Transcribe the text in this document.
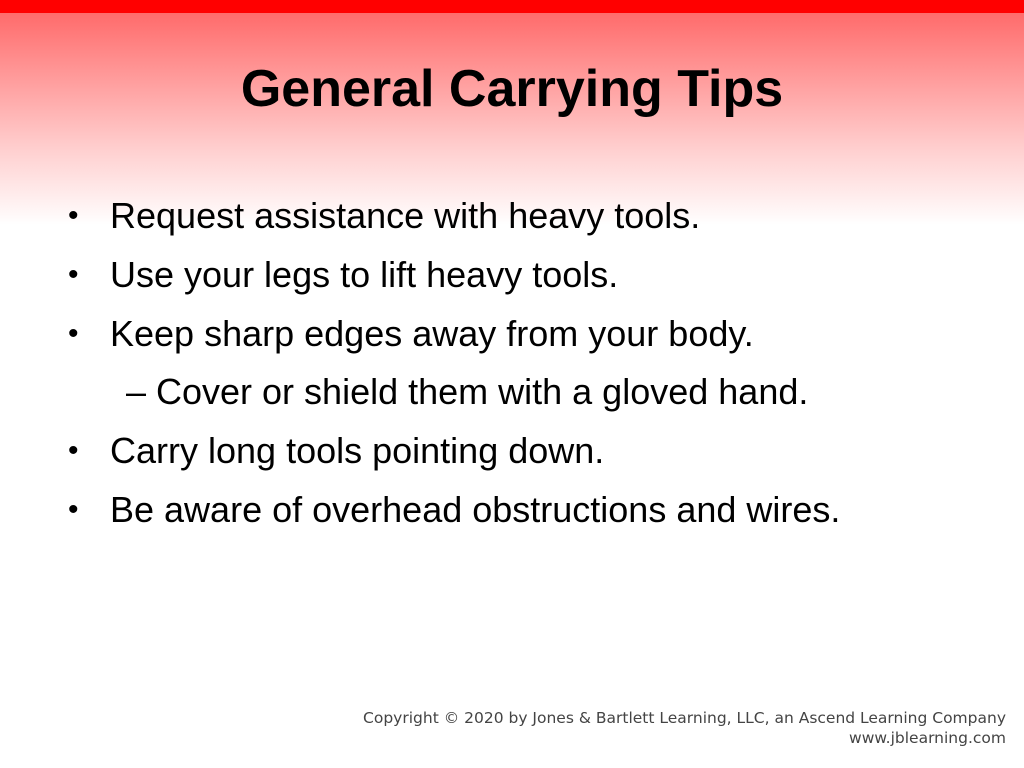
General Carrying Tips
• Request assistance with heavy tools.
• Use your legs to lift heavy tools.
• Keep sharp edges away from your body.
– Cover or shield them with a gloved hand.
• Carry long tools pointing down.
• Be aware of overhead obstructions and wires.
Copyright © 2020 by Jones & Bartlett Learning, LLC, an Ascend Learning Company
www.jblearning.com
